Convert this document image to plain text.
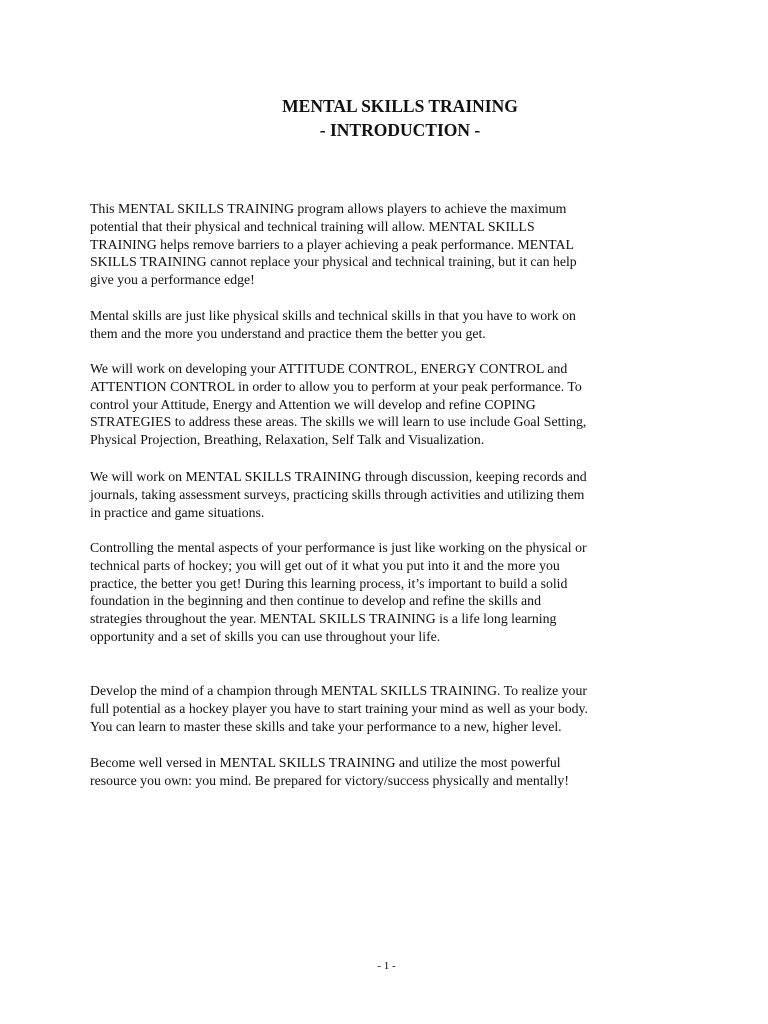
MENTAL SKILLS TRAINING
- INTRODUCTION -

This MENTAL SKILLS TRAINING program allows players to achieve the maximum
potential that their physical and technical training will allow. MENTAL SKILLS
TRAINING helps remove barriers to a player achieving a peak performance. MENTAL
SKILLS TRAINING cannot replace your physical and technical training, but it can help
give you a performance edge!

Mental skills are just like physical skills and technical skills in that you have to work on
them and the more you understand and practice them the better you get.

We will work on developing your ATTITUDE CONTROL, ENERGY CONTROL and
ATTENTION CONTROL in order to allow you to perform at your peak performance. To
control your Attitude, Energy and Attention we will develop and refine COPING
STRATEGIES to address these areas. The skills we will learn to use include Goal Setting,
Physical Projection, Breathing, Relaxation, Self Talk and Visualization.

We will work on MENTAL SKILLS TRAINING through discussion, keeping records and
journals, taking assessment surveys, practicing skills through activities and utilizing them
in practice and game situations.

Controlling the mental aspects of your performance is just like working on the physical or
technical parts of hockey; you will get out of it what you put into it and the more you
practice, the better you get! During this learning process, it’s important to build a solid
foundation in the beginning and then continue to develop and refine the skills and
strategies throughout the year. MENTAL SKILLS TRAINING is a life long learning
opportunity and a set of skills you can use throughout your life.

Develop the mind of a champion through MENTAL SKILLS TRAINING. To realize your
full potential as a hockey player you have to start training your mind as well as your body.
You can learn to master these skills and take your performance to a new, higher level.

Become well versed in MENTAL SKILLS TRAINING and utilize the most powerful
resource you own: you mind. Be prepared for victory/success physically and mentally!

- 1 -
